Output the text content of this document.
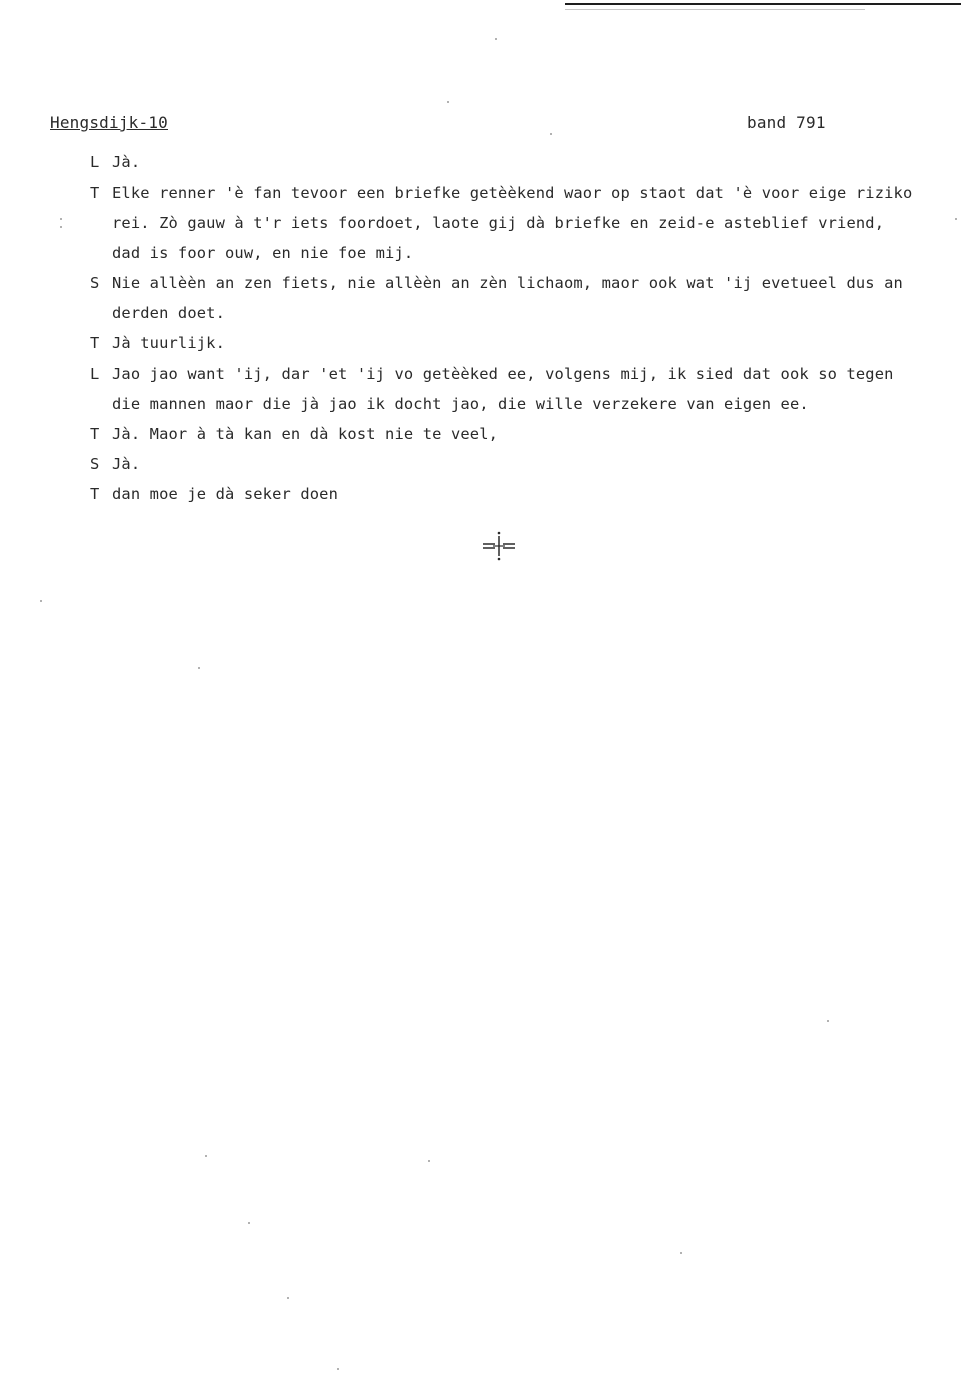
Hengsdijk-10	band 791
L Jà.
T Elke renner 'è fan tevoor een briefke getèèkend waor op staot dat 'è voor eige riziko
rei. Zò gauw à t'r iets foordoet, laote gij dà briefke en zeid-e asteblief vriend,
dad is foor ouw, en nie foe mij.
S Nie allèèn an zen fiets, nie allèèn an zèn lichaom, maor ook wat 'ij evetueel dus an
derden doet.
T Jà tuurlijk.
L Jao jao want 'ij, dar 'et 'ij vo getèèked ee, volgens mij, ik sied dat ook so tegen
die mannen maor die jà jao ik docht jao, die wille verzekere van eigen ee.
T Jà. Maor à tà kan en dà kost nie te veel,
S Jà.
T dan moe je dà seker doen
